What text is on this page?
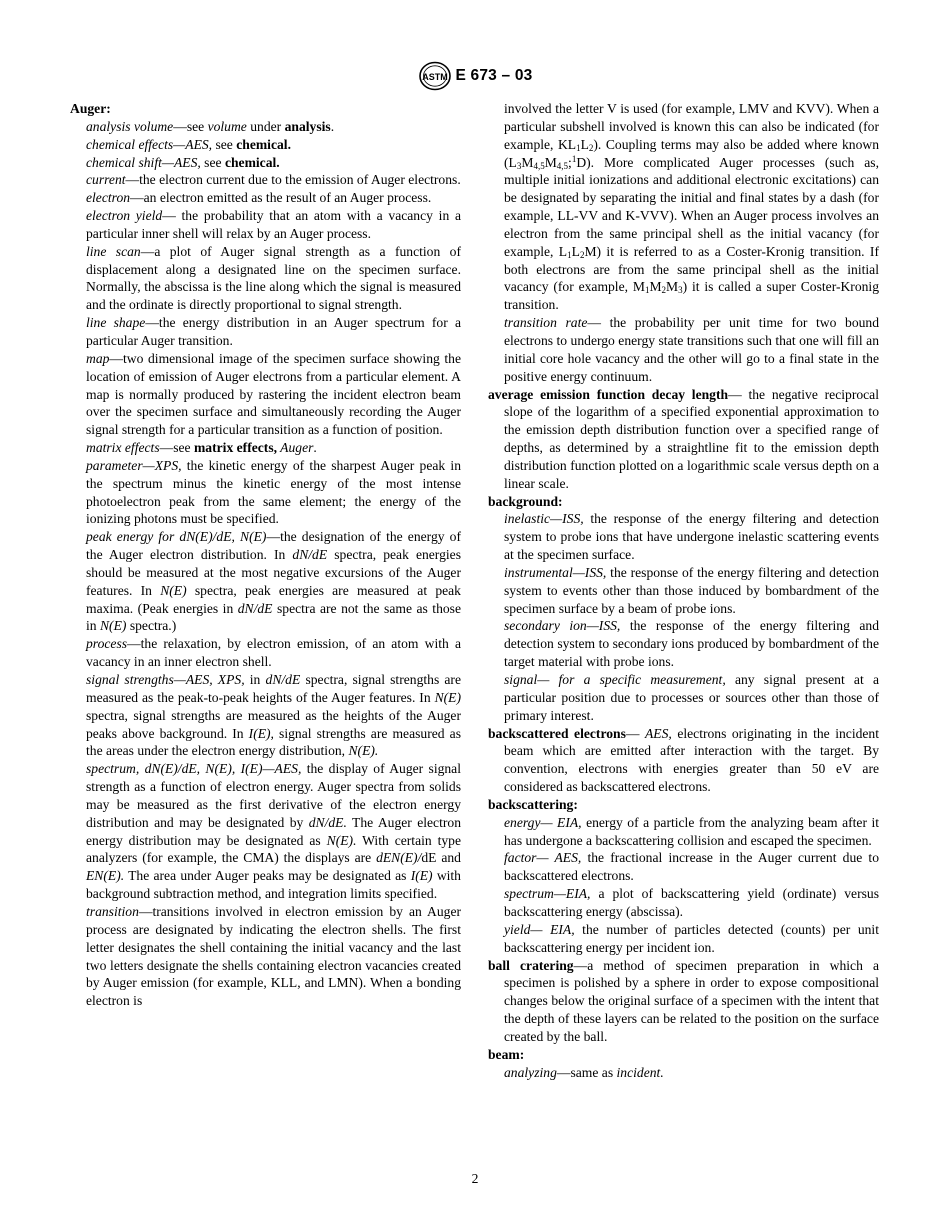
ASTM E 673 – 03

Auger:

analysis volume—see volume under analysis.

chemical effects—AES, see chemical.

chemical shift—AES, see chemical.

current—the electron current due to the emission of Auger electrons.

electron—an electron emitted as the result of an Auger process.

electron yield— the probability that an atom with a vacancy in a particular inner shell will relax by an Auger process.

line scan—a plot of Auger signal strength as a function of displacement along a designated line on the specimen surface. Normally, the abscissa is the line along which the signal is measured and the ordinate is directly proportional to signal strength.

line shape—the energy distribution in an Auger spectrum for a particular Auger transition.

map—two dimensional image of the specimen surface showing the location of emission of Auger electrons from a particular element. A map is normally produced by rastering the incident electron beam over the specimen surface and simultaneously recording the Auger signal strength for a particular transition as a function of position.

matrix effects—see matrix effects, Auger.

parameter—XPS, the kinetic energy of the sharpest Auger peak in the spectrum minus the kinetic energy of the most intense photoelectron peak from the same element; the energy of the ionizing photons must be specified.

peak energy for dN(E)/dE, N(E)—the designation of the energy of the Auger electron distribution. In dN/dE spectra, peak energies should be measured at the most negative excursions of the Auger features. In N(E) spectra, peak energies are measured at peak maxima. (Peak energies in dN/dE spectra are not the same as those in N(E) spectra.)

process—the relaxation, by electron emission, of an atom with a vacancy in an inner electron shell.

signal strengths—AES, XPS, in dN/dE spectra, signal strengths are measured as the peak-to-peak heights of the Auger features. In N(E) spectra, signal strengths are measured as the heights of the Auger peaks above background. In I(E), signal strengths are measured as the areas under the electron energy distribution, N(E).

spectrum, dN(E)/dE, N(E), I(E)—AES, the display of Auger signal strength as a function of electron energy. Auger spectra from solids may be measured as the first derivative of the electron energy distribution and may be designated by dN/dE. The Auger electron energy distribution may be designated as N(E). With certain type analyzers (for example, the CMA) the displays are dEN(E)/dE and EN(E). The area under Auger peaks may be designated as I(E) with background subtraction method, and integration limits specified.

transition—transitions involved in electron emission by an Auger process are designated by indicating the electron shells. The first letter designates the shell containing the initial vacancy and the last two letters designate the shells containing electron vacancies created by Auger emission (for example, KLL, and LMN). When a bonding electron is

involved the letter V is used (for example, LMV and KVV). When a particular subshell involved is known this can also be indicated (for example, $KL_1L_2$). Coupling terms may also be added where known $(L_3M_{4,5}M_{4,5};^1D)$. More complicated Auger processes (such as, multiple initial ionizations and additional electronic excitations) can be designated by separating the initial and final states by a dash (for example, LL-VV and K-VVV). When an Auger process involves an electron from the same principal shell as the initial vacancy (for example, $L_1L_2M$) it is referred to as a Coster-Kronig transition. If both electrons are from the same principal shell as the initial vacancy (for example, $M_1M_2M_3$) it is called a super Coster-Kronig transition.

transition rate— the probability per unit time for two bound electrons to undergo energy state transitions such that one will fill an initial core hole vacancy and the other will go to a final state in the positive energy continuum.

average emission function decay length— the negative reciprocal slope of the logarithm of a specified exponential approximation to the emission depth distribution function over a specified range of depths, as determined by a straightline fit to the emission depth distribution function plotted on a logarithmic scale versus depth on a linear scale.

background:

inelastic—ISS, the response of the energy filtering and detection system to probe ions that have undergone inelastic scattering events at the specimen surface.

instrumental—ISS, the response of the energy filtering and detection system to events other than those induced by bombardment of the specimen surface by a beam of probe ions.

secondary ion—ISS, the response of the energy filtering and detection system to secondary ions produced by bombardment of the target material with probe ions.

signal— for a specific measurement, any signal present at a particular position due to processes or sources other than those of primary interest.

backscattered electrons— AES, electrons originating in the incident beam which are emitted after interaction with the target. By convention, electrons with energies greater than 50 eV are considered as backscattered electrons.

backscattering:

energy— EIA, energy of a particle from the analyzing beam after it has undergone a backscattering collision and escaped the specimen.

factor— AES, the fractional increase in the Auger current due to backscattered electrons.

spectrum—EIA, a plot of backscattering yield (ordinate) versus backscattering energy (abscissa).

yield— EIA, the number of particles detected (counts) per unit backscattering energy per incident ion.

ball cratering—a method of specimen preparation in which a specimen is polished by a sphere in order to expose compositional changes below the original surface of a specimen with the intent that the depth of these layers can be related to the position on the surface created by the ball.

beam:

analyzing—same as incident.

2
